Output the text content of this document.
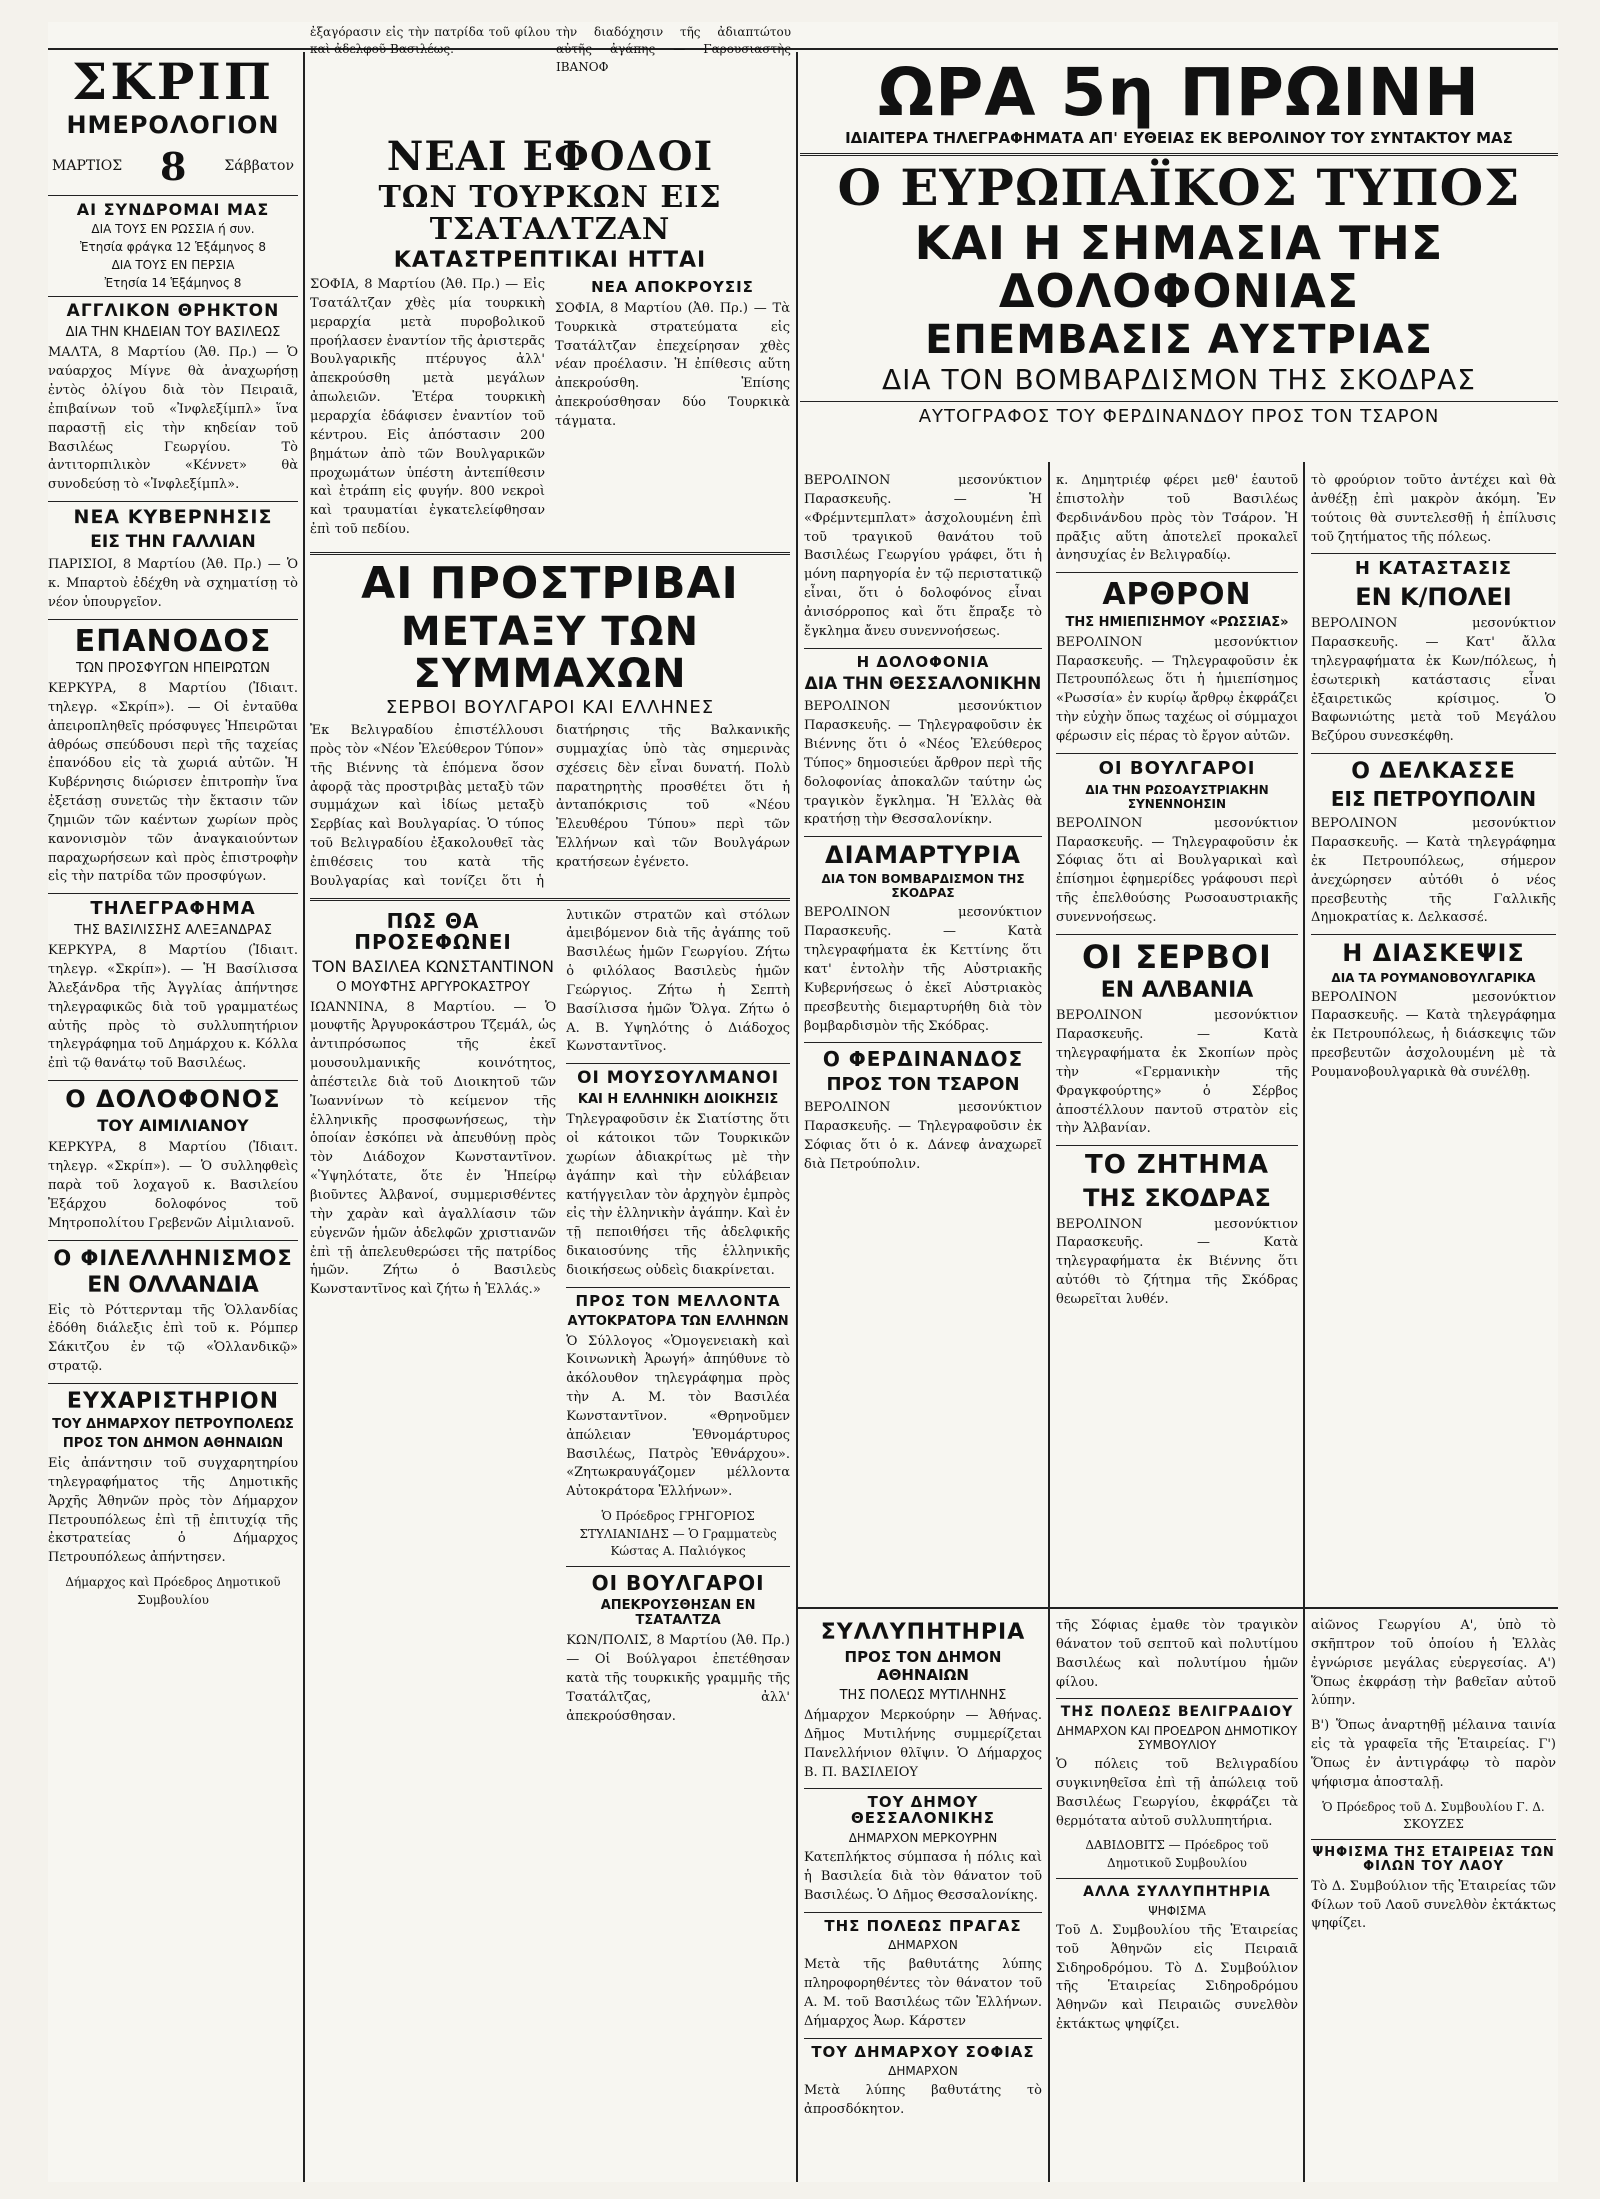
ἐξαγόρασιν εἰς τὴν πατρίδα τοῦ φίλου καὶ ἀδελφοῦ Βασιλέως.

τὴν διαδόχησιν τῆς ἀδιαπτώτου αὐτῆς ἀγάπης — Γαρουσιαστὴς ΙΒΑΝΟΦ

ΣΚΡΙΠ
ΗΜΕΡΟΛΟΓΙΟΝ
ΜΑΡΤΙΟΣ 8	Σάββατον
ΑΙ ΣΥΝΔΡΟΜΑΙ ΜΑΣ
ΔΙΑ ΤΟΥΣ ΕΝ ΡΩΣΣΙΑ ή συν.
Ἐτησία φράγκα 12 Ἑξάμηνος 8
ΔΙΑ ΤΟΥΣ ΕΝ ΠΕΡΣΙΑ
Ἐτησία 14 Ἑξάμηνος 8
ΑΓΓΛΙΚΟΝ ΘΡΗΚΤΟΝ
ΔΙΑ ΤΗΝ ΚΗΔΕΙΑΝ ΤΟΥ ΒΑΣΙΛΕΩΣ

ΜΑΛΤΑ, 8 Μαρτίου (Ἀθ. Πρ.) — Ὁ ναύαρχος Μίγνε θὰ ἀναχωρήσῃ ἐντὸς ὀλίγου διὰ τὸν Πειραιᾶ, ἐπιβαίνων τοῦ «Ἰνφλεξίμπλ» ἵνα παραστῇ εἰς τὴν κηδείαν τοῦ Βασιλέως Γεωργίου. Τὸ ἀντιτορπιλικὸν «Κέννετ» θὰ συνοδεύσῃ τὸ «Ἰνφλεξίμπλ».

ΝΕΑ ΚΥΒΕΡΝΗΣΙΣ
ΕΙΣ ΤΗΝ ΓΑΛΛΙΑΝ

ΠΑΡΙΣΙΟΙ, 8 Μαρτίου (Ἀθ. Πρ.) — Ὁ κ. Μπαρτοὺ ἐδέχθη νὰ σχηματίσῃ τὸ νέον ὑπουργεῖον.

ΕΠΑΝΟΔΟΣ
ΤΩΝ ΠΡΟΣΦΥΓΩΝ ΗΠΕΙΡΩΤΩΝ

ΚΕΡΚΥΡΑ, 8 Μαρτίου (Ἰδιαιτ. τηλεγρ. «Σκρίπ»). — Οἱ ἐνταῦθα ἀπειροπληθεῖς πρόσφυγες Ἠπειρῶται ἀθρόως σπεύδουσι περὶ τῆς ταχείας ἐπανόδου εἰς τὰ χωριά αὐτῶν. Ἡ Κυβέρνησις διώρισεν ἐπιτροπὴν ἵνα ἐξετάσῃ συνετῶς τὴν ἔκτασιν τῶν ζημιῶν τῶν καέντων χωρίων πρὸς κανονισμὸν τῶν ἀναγκαιούντων παραχωρήσεων καὶ πρὸς ἐπιστροφὴν εἰς τὴν πατρίδα τῶν προσφύγων.

ΤΗΛΕΓΡΑΦΗΜΑ
ΤΗΣ ΒΑΣΙΛΙΣΣΗΣ ΑΛΕΞΑΝΔΡΑΣ

ΚΕΡΚΥΡΑ, 8 Μαρτίου (Ἰδιαιτ. τηλεγρ. «Σκρίπ»). — Ἡ Βασίλισσα Ἀλεξάνδρα τῆς Ἀγγλίας ἀπήντησε τηλεγραφικῶς διὰ τοῦ γραμματέως αὐτῆς πρὸς τὸ συλλυπητήριον τηλεγράφημα τοῦ Δημάρχου κ. Κόλλα ἐπὶ τῷ θανάτῳ τοῦ Βασιλέως.

Ο ΔΟΛΟΦΟΝΟΣ
ΤΟΥ ΑΙΜΙΛΙΑΝΟΥ

ΚΕΡΚΥΡΑ, 8 Μαρτίου (Ἰδιαιτ. τηλεγρ. «Σκρίπ»). — Ὁ συλληφθεὶς παρὰ τοῦ λοχαγοῦ κ. Βασιλείου Ἐξάρχου δολοφόνος τοῦ Μητροπολίτου Γρεβενῶν Αἰμιλιανοῦ.

Ο ΦΙΛΕΛΛΗΝΙΣΜΟΣ
ΕΝ ΟΛΛΑΝΔΙΑ

Εἰς τὸ Ρόττερνταμ τῆς Ὁλλανδίας ἐδόθη διάλεξις ἐπὶ τοῦ κ. Ρόμπερ Σάκιτζου ἐν τῷ «Ὁλλανδικῷ» στρατῷ.

ΕΥΧΑΡΙΣΤΗΡΙΟΝ
ΤΟΥ ΔΗΜΑΡΧΟΥ ΠΕΤΡΟΥΠΟΛΕΩΣ
ΠΡΟΣ ΤΟΝ ΔΗΜΟΝ ΑΘΗΝΑΙΩΝ

Εἰς ἀπάντησιν τοῦ συγχαρητηρίου τηλεγραφήματος τῆς Δημοτικῆς Ἀρχῆς Ἀθηνῶν πρὸς τὸν Δήμαρχον Πετρουπόλεως ἐπὶ τῇ ἐπιτυχίᾳ τῆς ἐκστρατείας ὁ Δήμαρχος Πετρουπόλεως ἀπήντησεν.

Δήμαρχος καὶ Πρόεδρος Δημοτικοῦ Συμβουλίου

ΝΕΑΙ ΕΦΟΔΟΙ
ΤΩΝ ΤΟΥΡΚΩΝ ΕΙΣ ΤΣΑΤΑΛΤΖΑΝ
ΚΑΤΑΣΤΡΕΠΤΙΚΑΙ ΗΤΤΑΙ

ΣΟΦΙΑ, 8 Μαρτίου (Ἀθ. Πρ.) — Εἰς Τσατάλτζαν χθὲς μία τουρκικὴ μεραρχία μετὰ πυροβολικοῦ προήλασεν ἐναντίον τῆς ἀριστερᾶς Βουλγαρικῆς πτέρυγος ἀλλ' ἀπεκρούσθη μετὰ μεγάλων ἀπωλειῶν. Ἑτέρα τουρκικὴ μεραρχία ἐδάφισεν ἐναντίον τοῦ κέντρου. Εἰς ἀπόστασιν 200 βημάτων ἀπὸ τῶν Βουλγαρικῶν προχωμάτων ὑπέστη ἀντεπίθεσιν καὶ ἐτράπη εἰς φυγήν. 800 νεκροὶ καὶ τραυματίαι ἐγκατελείφθησαν ἐπὶ τοῦ πεδίου.

ΝΕΑ ΑΠΟΚΡΟΥΣΙΣ

ΣΟΦΙΑ, 8 Μαρτίου (Ἀθ. Πρ.) — Τὰ Τουρκικὰ στρατεύματα εἰς Τσατάλτζαν ἐπεχείρησαν χθὲς νέαν προέλασιν. Ἡ ἐπίθεσις αὕτη ἀπεκρούσθη. Ἐπίσης ἀπεκρούσθησαν δύο Τουρκικὰ τάγματα.

ΑΙ ΠΡΟΣΤΡΙΒΑΙ
ΜΕΤΑΞΥ ΤΩΝ ΣΥΜΜΑΧΩΝ
ΣΕΡΒΟΙ ΒΟΥΛΓΑΡΟΙ ΚΑΙ ΕΛΛΗΝΕΣ

Ἐκ Βελιγραδίου ἐπιστέλλουσι πρὸς τὸν «Νέον Ἐλεύθερον Τύπον» τῆς Βιέννης τὰ ἑπόμενα ὅσον ἀφορᾷ τὰς προστριβὰς μεταξὺ τῶν συμμάχων καὶ ἰδίως μεταξὺ Σερβίας καὶ Βουλγαρίας. Ὁ τύπος τοῦ Βελιγραδίου ἐξακολουθεῖ τὰς ἐπιθέσεις του κατὰ τῆς Βουλγαρίας καὶ τονίζει ὅτι ἡ διατήρησις τῆς Βαλκανικῆς συμμαχίας ὑπὸ τὰς σημερινὰς σχέσεις δὲν εἶναι δυνατή. Πολὺ παρατηρητὴς προσθέτει ὅτι ἡ ἀνταπόκρισις τοῦ «Νέου Ἐλευθέρου Τύπου» περὶ τῶν Ἑλλήνων καὶ τῶν Βουλγάρων κρατήσεων ἐγένετο.

ΠΩΣ ΘΑ ΠΡΟΣΕΦΩΝΕΙ
ΤΟΝ ΒΑΣΙΛΕΑ ΚΩΝΣΤΑΝΤΙΝΟΝ
Ο ΜΟΥΦΤΗΣ ΑΡΓΥΡΟΚΑΣΤΡΟΥ

ΙΩΑΝΝΙΝΑ, 8 Μαρτίου. — Ὁ μουφτῆς Ἀργυροκάστρου Τζεμάλ, ὡς ἀντιπρόσωπος τῆς ἐκεῖ μουσουλμανικῆς κοινότητος, ἀπέστειλε διὰ τοῦ Διοικητοῦ τῶν Ἰωαννίνων τὸ κείμενον τῆς ἑλληνικῆς προσφωνήσεως, τὴν ὁποίαν ἐσκόπει νὰ ἀπευθύνῃ πρὸς τὸν Διάδοχον Κωνσταντῖνον. «Ὑψηλότατε, ὅτε ἐν Ἠπείρῳ βιοῦντες Ἀλβανοί, συμμερισθέντες τὴν χαρὰν καὶ ἀγαλλίασιν τῶν εὐγενῶν ἡμῶν ἀδελφῶν χριστιανῶν ἐπὶ τῇ ἀπελευθερώσει τῆς πατρίδος ἡμῶν. Ζήτω ὁ Βασιλεὺς Κωνσταντῖνος καὶ ζήτω ἡ Ἑλλάς.»

λυτικῶν στρατῶν καὶ στόλων ἀμειβόμενον διὰ τῆς ἀγάπης τοῦ Βασιλέως ἡμῶν Γεωργίου. Ζήτω ὁ φιλόλαος Βασιλεὺς ἡμῶν Γεώργιος. Ζήτω ἡ Σεπτὴ Βασίλισσα ἡμῶν Ὄλγα. Ζήτω ὁ Α. Β. Υψηλότης ὁ Διάδοχος Κωνσταντῖνος.

ΟΙ ΜΟΥΣΟΥΛΜΑΝΟΙ
ΚΑΙ Η ΕΛΛΗΝΙΚΗ ΔΙΟΙΚΗΣΙΣ

Τηλεγραφοῦσιν ἐκ Σιατίστης ὅτι οἱ κάτοικοι τῶν Τουρκικῶν χωρίων ἀδιακρίτως μὲ τὴν ἀγάπην καὶ τὴν εὐλάβειαν κατήγγειλαν τὸν ἀρχηγὸν ἐμπρὸς εἰς τὴν ἑλληνικὴν ἀγάπην. Καὶ ἐν τῇ πεποιθήσει τῆς ἀδελφικῆς δικαιοσύνης τῆς ἑλληνικῆς διοικήσεως οὐδεὶς διακρίνεται.

ΠΡΟΣ ΤΟΝ ΜΕΛΛΟΝΤΑ
ΑΥΤΟΚΡΑΤΟΡΑ ΤΩΝ ΕΛΛΗΝΩΝ

Ὁ Σύλλογος «Ὁμογενειακὴ καὶ Κοινωνικὴ Ἀρωγή» ἀπηύθυνε τὸ ἀκόλουθον τηλεγράφημα πρὸς τὴν Α. Μ. τὸν Βασιλέα Κωνσταντῖνον. «Θρηνοῦμεν ἀπώλειαν Ἐθνομάρτυρος Βασιλέως, Πατρὸς Ἐθνάρχου». «Ζητωκραυγάζομεν μέλλοντα Αὐτοκράτορα Ἑλλήνων».

Ὁ Πρόεδρος ΓΡΗΓΟΡΙΟΣ ΣΤΥΛΙΑΝΙΔΗΣ — Ὁ Γραμματεὺς Κώστας Α. Παλιόγκος

ΟΙ ΒΟΥΛΓΑΡΟΙ
ΑΠΕΚΡΟΥΣΘΗΣΑΝ ΕΝ ΤΣΑΤΑΛΤΖΑ

ΚΩΝ/ΠΟΛΙΣ, 8 Μαρτίου (Ἀθ. Πρ.) — Οἱ Βούλγαροι ἐπετέθησαν κατὰ τῆς τουρκικῆς γραμμῆς τῆς Τσατάλτζας, ἀλλ' ἀπεκρούσθησαν.

ΩΡΑ 5η ΠΡΩΙΝΗ
ΙΔΙΑΙΤΕΡΑ ΤΗΛΕΓΡΑΦΗΜΑΤΑ ΑΠ' ΕΥΘΕΙΑΣ ΕΚ ΒΕΡΟΛΙΝΟΥ ΤΟΥ ΣΥΝΤΑΚΤΟΥ ΜΑΣ
Ο ΕΥΡΩΠΑΪΚΟΣ ΤΥΠΟΣ
ΚΑΙ Η ΣΗΜΑΣΙΑ ΤΗΣ ΔΟΛΟΦΟΝΙΑΣ
ΕΠΕΜΒΑΣΙΣ ΑΥΣΤΡΙΑΣ
ΔΙΑ ΤΟΝ ΒΟΜΒΑΡΔΙΣΜΟΝ ΤΗΣ ΣΚΟΔΡΑΣ
ΑΥΤΟΓΡΑΦΟΣ ΤΟΥ ΦΕΡΔΙΝΑΝΔΟΥ ΠΡΟΣ ΤΟΝ ΤΣΑΡΟΝ

ΒΕΡΟΛΙΝΟΝ μεσονύκτιον Παρασκευῆς. — Ἡ «Φρέμντεμπλατ» ἀσχολουμένη ἐπὶ τοῦ τραγικοῦ θανάτου τοῦ Βασιλέως Γεωργίου γράφει, ὅτι ἡ μόνη παρηγορία ἐν τῷ περιστατικῷ εἶναι, ὅτι ὁ δολοφόνος εἶναι ἀνισόρροπος καὶ ὅτι ἔπραξε τὸ ἔγκλημα ἄνευ συνεννοήσεως.

Η ΔΟΛΟΦΟΝΙΑ
ΔΙΑ ΤΗΝ ΘΕΣΣΑΛΟΝΙΚΗΝ

ΒΕΡΟΛΙΝΟΝ μεσονύκτιον Παρασκευῆς. — Τηλεγραφοῦσιν ἐκ Βιέννης ὅτι ὁ «Νέος Ἐλεύθερος Τύπος» δημοσιεύει ἄρθρον περὶ τῆς δολοφονίας ἀποκαλῶν ταύτην ὡς τραγικὸν ἔγκλημα. Ἡ Ἑλλὰς θὰ κρατήσῃ τὴν Θεσσαλονίκην.

ΔΙΑΜΑΡΤΥΡΙΑ
ΔΙΑ ΤΟΝ ΒΟΜΒΑΡΔΙΣΜΟΝ ΤΗΣ ΣΚΟΔΡΑΣ

ΒΕΡΟΛΙΝΟΝ μεσονύκτιον Παρασκευῆς. — Κατὰ τηλεγραφήματα ἐκ Κεττίνης ὅτι κατ' ἐντολὴν τῆς Αὐστριακῆς Κυβερνήσεως ὁ ἐκεῖ Αὐστριακὸς πρεσβευτὴς διεμαρτυρήθη διὰ τὸν βομβαρδισμὸν τῆς Σκόδρας.

Ο ΦΕΡΔΙΝΑΝΔΟΣ
ΠΡΟΣ ΤΟΝ ΤΣΑΡΟΝ

ΒΕΡΟΛΙΝΟΝ μεσονύκτιον Παρασκευῆς. — Τηλεγραφοῦσιν ἐκ Σόφιας ὅτι ὁ κ. Δάνεφ ἀναχωρεῖ διὰ Πετρούπολιν.

κ. Δημητριέφ φέρει μεθ' ἑαυτοῦ ἐπιστολὴν τοῦ Βασιλέως Φερδινάνδου πρὸς τὸν Τσάρον. Ἡ πρᾶξις αὕτη ἀποτελεῖ προκαλεῖ ἀνησυχίας ἐν Βελιγραδίῳ.

ΑΡΘΡΟΝ
ΤΗΣ ΗΜΙΕΠΙΣΗΜΟΥ «ΡΩΣΣΙΑΣ»

ΒΕΡΟΛΙΝΟΝ μεσονύκτιον Παρασκευῆς. — Τηλεγραφοῦσιν ἐκ Πετρουπόλεως ὅτι ἡ ἡμιεπίσημος «Ρωσσία» ἐν κυρίῳ ἄρθρῳ ἐκφράζει τὴν εὐχὴν ὅπως ταχέως οἱ σύμμαχοι φέρωσιν εἰς πέρας τὸ ἔργον αὐτῶν.

ΟΙ ΒΟΥΛΓΑΡΟΙ
ΔΙΑ ΤΗΝ ΡΩΣΟΑΥΣΤΡΙΑΚΗΝ ΣΥΝΕΝΝΟΗΣΙΝ

ΒΕΡΟΛΙΝΟΝ μεσονύκτιον Παρασκευῆς. — Τηλεγραφοῦσιν ἐκ Σόφιας ὅτι αἱ Βουλγαρικαὶ καὶ ἐπίσημοι ἐφημερίδες γράφουσι περὶ τῆς ἐπελθούσης Ρωσοαυστριακῆς συνεννοήσεως.

ΟΙ ΣΕΡΒΟΙ
ΕΝ ΑΛΒΑΝΙΑ

ΒΕΡΟΛΙΝΟΝ μεσονύκτιον Παρασκευῆς. — Κατὰ τηλεγραφήματα ἐκ Σκοπίων πρὸς τὴν «Γερμανικὴν τῆς Φραγκφούρτης» ὁ Σέρβος ἀποστέλλουν παντοῦ στρατὸν εἰς τὴν Ἀλβανίαν.

ΤΟ ΖΗΤΗΜΑ
ΤΗΣ ΣΚΟΔΡΑΣ

ΒΕΡΟΛΙΝΟΝ μεσονύκτιον Παρασκευῆς. — Κατὰ τηλεγραφήματα ἐκ Βιέννης ὅτι αὐτόθι τὸ ζήτημα τῆς Σκόδρας θεωρεῖται λυθέν.

τὸ φρούριον τοῦτο ἀντέχει καὶ θὰ ἀνθέξῃ ἐπὶ μακρὸν ἀκόμη. Ἐν τούτοις θὰ συντελεσθῇ ἡ ἐπίλυσις τοῦ ζητήματος τῆς πόλεως.

Η ΚΑΤΑΣΤΑΣΙΣ
ΕΝ Κ/ΠΟΛΕΙ

ΒΕΡΟΛΙΝΟΝ μεσονύκτιον Παρασκευῆς. — Κατ' ἄλλα τηλεγραφήματα ἐκ Κων/πόλεως, ἡ ἐσωτερικὴ κατάστασις εἶναι ἐξαιρετικῶς κρίσιμος. Ὁ Βαφωνιώτης μετὰ τοῦ Μεγάλου Βεζύρου συνεσκέφθη.

Ο ΔΕΛΚΑΣΣΕ
ΕΙΣ ΠΕΤΡΟΥΠΟΛΙΝ

ΒΕΡΟΛΙΝΟΝ μεσονύκτιον Παρασκευῆς. — Κατὰ τηλεγράφημα ἐκ Πετρουπόλεως, σήμερον ἀνεχώρησεν αὐτόθι ὁ νέος πρεσβευτὴς τῆς Γαλλικῆς Δημοκρατίας κ. Δελκασσέ.

Η ΔΙΑΣΚΕΨΙΣ
ΔΙΑ ΤΑ ΡΟΥΜΑΝΟΒΟΥΛΓΑΡΙΚΑ

ΒΕΡΟΛΙΝΟΝ μεσονύκτιον Παρασκευῆς. — Κατὰ τηλεγράφημα ἐκ Πετρουπόλεως, ἡ διάσκεψις τῶν πρεσβευτῶν ἀσχολουμένη μὲ τὰ Ρουμανοβουλγαρικὰ θὰ συνέλθῃ.

ΣΥΛΛΥΠΗΤΗΡΙΑ
ΠΡΟΣ ΤΟΝ ΔΗΜΟΝ ΑΘΗΝΑΙΩΝ
ΤΗΣ ΠΟΛΕΩΣ ΜΥΤΙΛΗΝΗΣ

Δήμαρχον Μερκούρην — Ἀθήνας. Δῆμος Μυτιλήνης συμμερίζεται Πανελλήνιον θλῖψιν. Ὁ Δήμαρχος Β. Π. ΒΑΣΙΛΕΙΟΥ

ΤΟΥ ΔΗΜΟΥ ΘΕΣΣΑΛΟΝΙΚΗΣ
ΔΗΜΑΡΧΟΝ ΜΕΡΚΟΥΡΗΝ

Κατεπλήκτος σύμπασα ἡ πόλις καὶ ἡ Βασιλεία διὰ τὸν θάνατον τοῦ Βασιλέως. Ὁ Δῆμος Θεσσαλονίκης.

ΤΗΣ ΠΟΛΕΩΣ ΠΡΑΓΑΣ
ΔΗΜΑΡΧΟΝ

Μετὰ τῆς βαθυτάτης λύπης πληροφορηθέντες τὸν θάνατον τοῦ Α. Μ. τοῦ Βασιλέως τῶν Ἑλλήνων. Δήμαρχος Ἀωρ. Κάρστεν

ΤΟΥ ΔΗΜΑΡΧΟΥ ΣΟΦΙΑΣ
ΔΗΜΑΡΧΟΝ

Μετὰ λύπης βαθυτάτης τὸ ἀπροσδόκητον.

τῆς Σόφιας ἐμαθε τὸν τραγικὸν θάνατον τοῦ σεπτοῦ καὶ πολυτίμου Βασιλέως καὶ πολυτίμου ἡμῶν φίλου.

ΤΗΣ ΠΟΛΕΩΣ ΒΕΛΙΓΡΑΔΙΟΥ
ΔΗΜΑΡΧΟΝ ΚΑΙ ΠΡΟΕΔΡΟΝ ΔΗΜΟΤΙΚΟΥ ΣΥΜΒΟΥΛΙΟΥ

Ὁ πόλεις τοῦ Βελιγραδίου συγκινηθεῖσα ἐπὶ τῇ ἀπώλειᾳ τοῦ Βασιλέως Γεωργίου, ἐκφράζει τὰ θερμότατα αὐτοῦ συλλυπητήρια.

ΔΑΒΙΔΟΒΙΤΣ — Πρόεδρος τοῦ Δημοτικοῦ Συμβουλίου

ΑΛΛΑ ΣΥΛΛΥΠΗΤΗΡΙΑ
ΨΗΦΙΣΜΑ

Τοῦ Δ. Συμβουλίου τῆς Ἑταιρείας τοῦ Ἀθηνῶν εἰς Πειραιᾶ Σιδηροδρόμου. Τὸ Δ. Συμβούλιον τῆς Ἑταιρείας Σιδηροδρόμου Ἀθηνῶν καὶ Πειραιῶς συνελθὸν ἐκτάκτως ψηφίζει.

αἰῶνος Γεωργίου Α', ὑπὸ τὸ σκῆπτρον τοῦ ὁποίου ἡ Ἑλλὰς ἐγνώρισε μεγάλας εὐεργεσίας. Α') Ὅπως ἐκφράσῃ τὴν βαθεῖαν αὐτοῦ λύπην.

Β') Ὅπως ἀναρτηθῇ μέλαινα ταινία εἰς τὰ γραφεῖα τῆς Ἑταιρείας. Γ') Ὅπως ἐν ἀντιγράφῳ τὸ παρὸν ψήφισμα ἀποσταλῇ.

Ὁ Πρόεδρος τοῦ Δ. Συμβουλίου Γ. Δ. ΣΚΟΥΖΕΣ

ΨΗΦΙΣΜΑ ΤΗΣ ΕΤΑΙΡΕΙΑΣ ΤΩΝ ΦΙΛΩΝ ΤΟΥ ΛΑΟΥ

Τὸ Δ. Συμβούλιον τῆς Ἑταιρείας τῶν Φίλων τοῦ Λαοῦ συνελθὸν ἐκτάκτως ψηφίζει.
